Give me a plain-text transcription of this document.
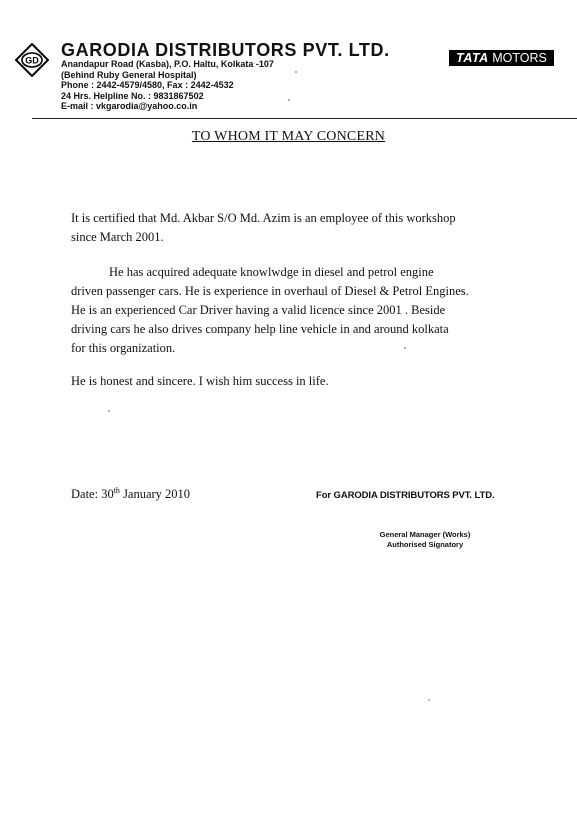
GD
GARODIA DISTRIBUTORS PVT. LTD.
Anandapur Road (Kasba), P.O. Haltu, Kolkata -107
(Behind Ruby General Hospital)
Phone : 2442-4579/4580, Fax : 2442-4532
24 Hrs. Helpline No. : 9831867502
E-mail : vkgarodia@yahoo.co.in
TATA MOTORS
TO WHOM IT MAY CONCERN
It is certified that Md. Akbar S/O Md. Azim is an employee of this workshop
since March 2001.
He has acquired adequate knowlwdge in diesel and petrol engine
driven passenger cars. He is experience in overhaul of Diesel & Petrol Engines.
He is an experienced Car Driver having a valid licence since 2001 . Beside
driving cars he also drives company help line vehicle in and around kolkata
for this organization.
He is honest and sincere. I wish him success in life.
Date: 30th January 2010	For GARODIA DISTRIBUTORS PVT. LTD.
General Manager (Works)
Authorised Signatory
